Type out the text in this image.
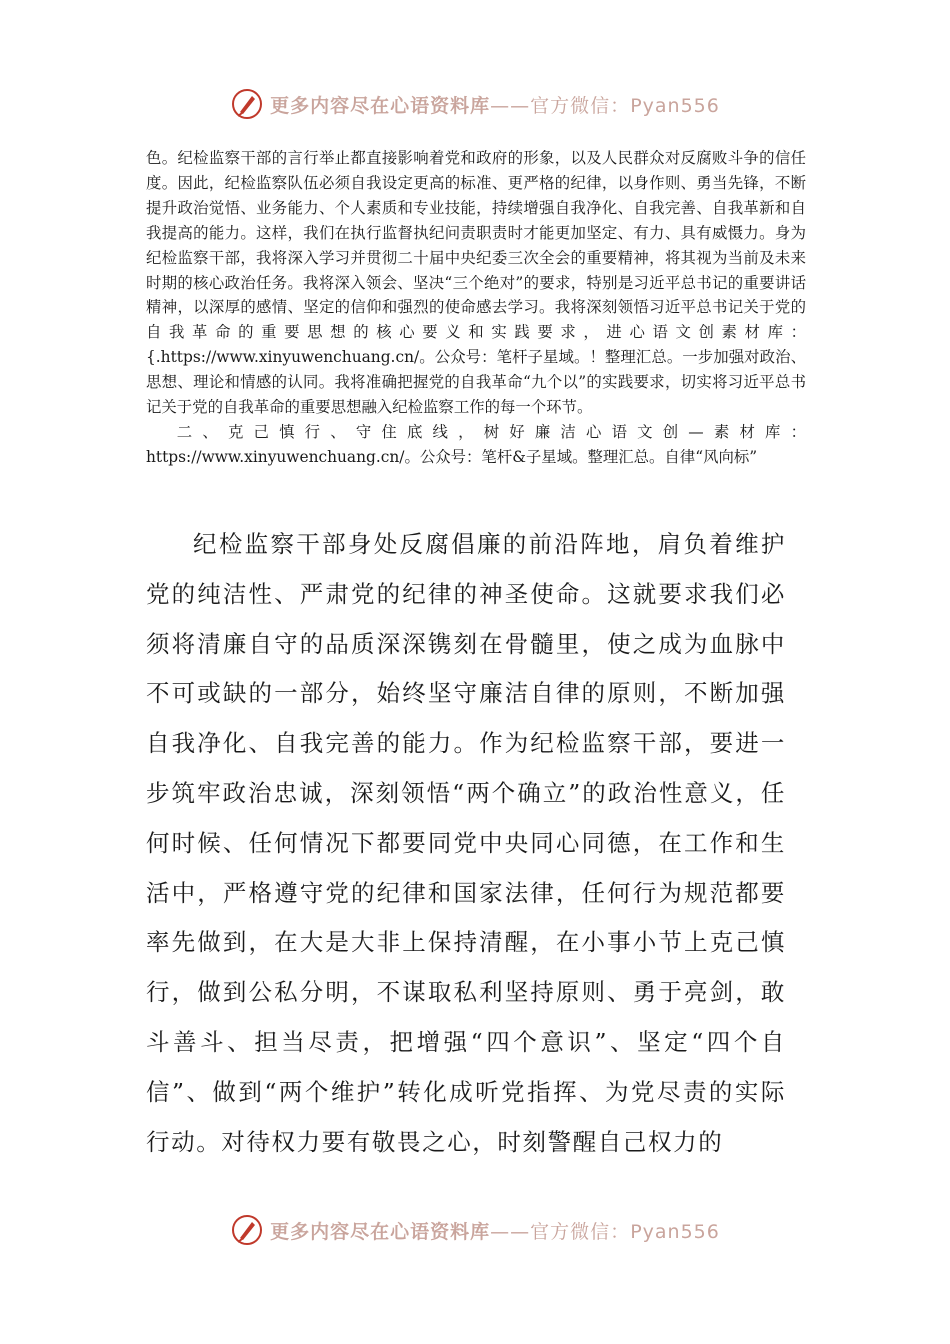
更多内容尽在心语资料库——官方微信：Pyan556

色。纪检监察干部的言行举止都直接影响着党和政府的形象，以及人民群众对反腐败斗争的信任度。因此，纪检监察队伍必须自我设定更高的标准、更严格的纪律，以身作则、勇当先锋，不断提升政治觉悟、业务能力、个人素质和专业技能，持续增强自我净化、自我完善、自我革新和自我提高的能力。这样，我们在执行监督执纪问责职责时才能更加坚定、有力、具有威慑力。身为纪检监察干部，我将深入学习并贯彻二十届中央纪委三次全会的重要精神，将其视为当前及未来时期的核心政治任务。我将深入领会、坚决“三个绝对”的要求，特别是习近平总书记的重要讲话精神，以深厚的感情、坚定的信仰和强烈的使命感去学习。我将深刻领悟习近平总书记关于党的自我革命的重要思想的核心要义和实践要求，进心语文创素材库：{.https://www.xinyuwenchuang.cn/。公众号：笔杆子星域。！整理汇总。一步加强对政治、思想、理论和情感的认同。我将准确把握党的自我革命“九个以”的实践要求，切实将习近平总书记关于党的自我革命的重要思想融入纪检监察工作的每一个环节。

二、克己慎行、守住底线，树好廉洁心语文创—素材库：https://www.xinyuwenchuang.cn/。公众号：笔杆&子星域。整理汇总。自律“风向标”

纪检监察干部身处反腐倡廉的前沿阵地，肩负着维护党的纯洁性、严肃党的纪律的神圣使命。这就要求我们必须将清廉自守的品质深深镌刻在骨髓里，使之成为血脉中不可或缺的一部分，始终坚守廉洁自律的原则，不断加强自我净化、自我完善的能力。作为纪检监察干部，要进一步筑牢政治忠诚，深刻领悟“两个确立”的政治性意义，任何时候、任何情况下都要同党中央同心同德，在工作和生活中，严格遵守党的纪律和国家法律，任何行为规范都要率先做到，在大是大非上保持清醒，在小事小节上克己慎行，做到公私分明，不谋取私利坚持原则、勇于亮剑，敢斗善斗、担当尽责，把增强“四个意识”、坚定“四个自信”、做到“两个维护”转化成听党指挥、为党尽责的实际行动。对待权力要有敬畏之心，时刻警醒自己权力的

更多内容尽在心语资料库——官方微信：Pyan556
